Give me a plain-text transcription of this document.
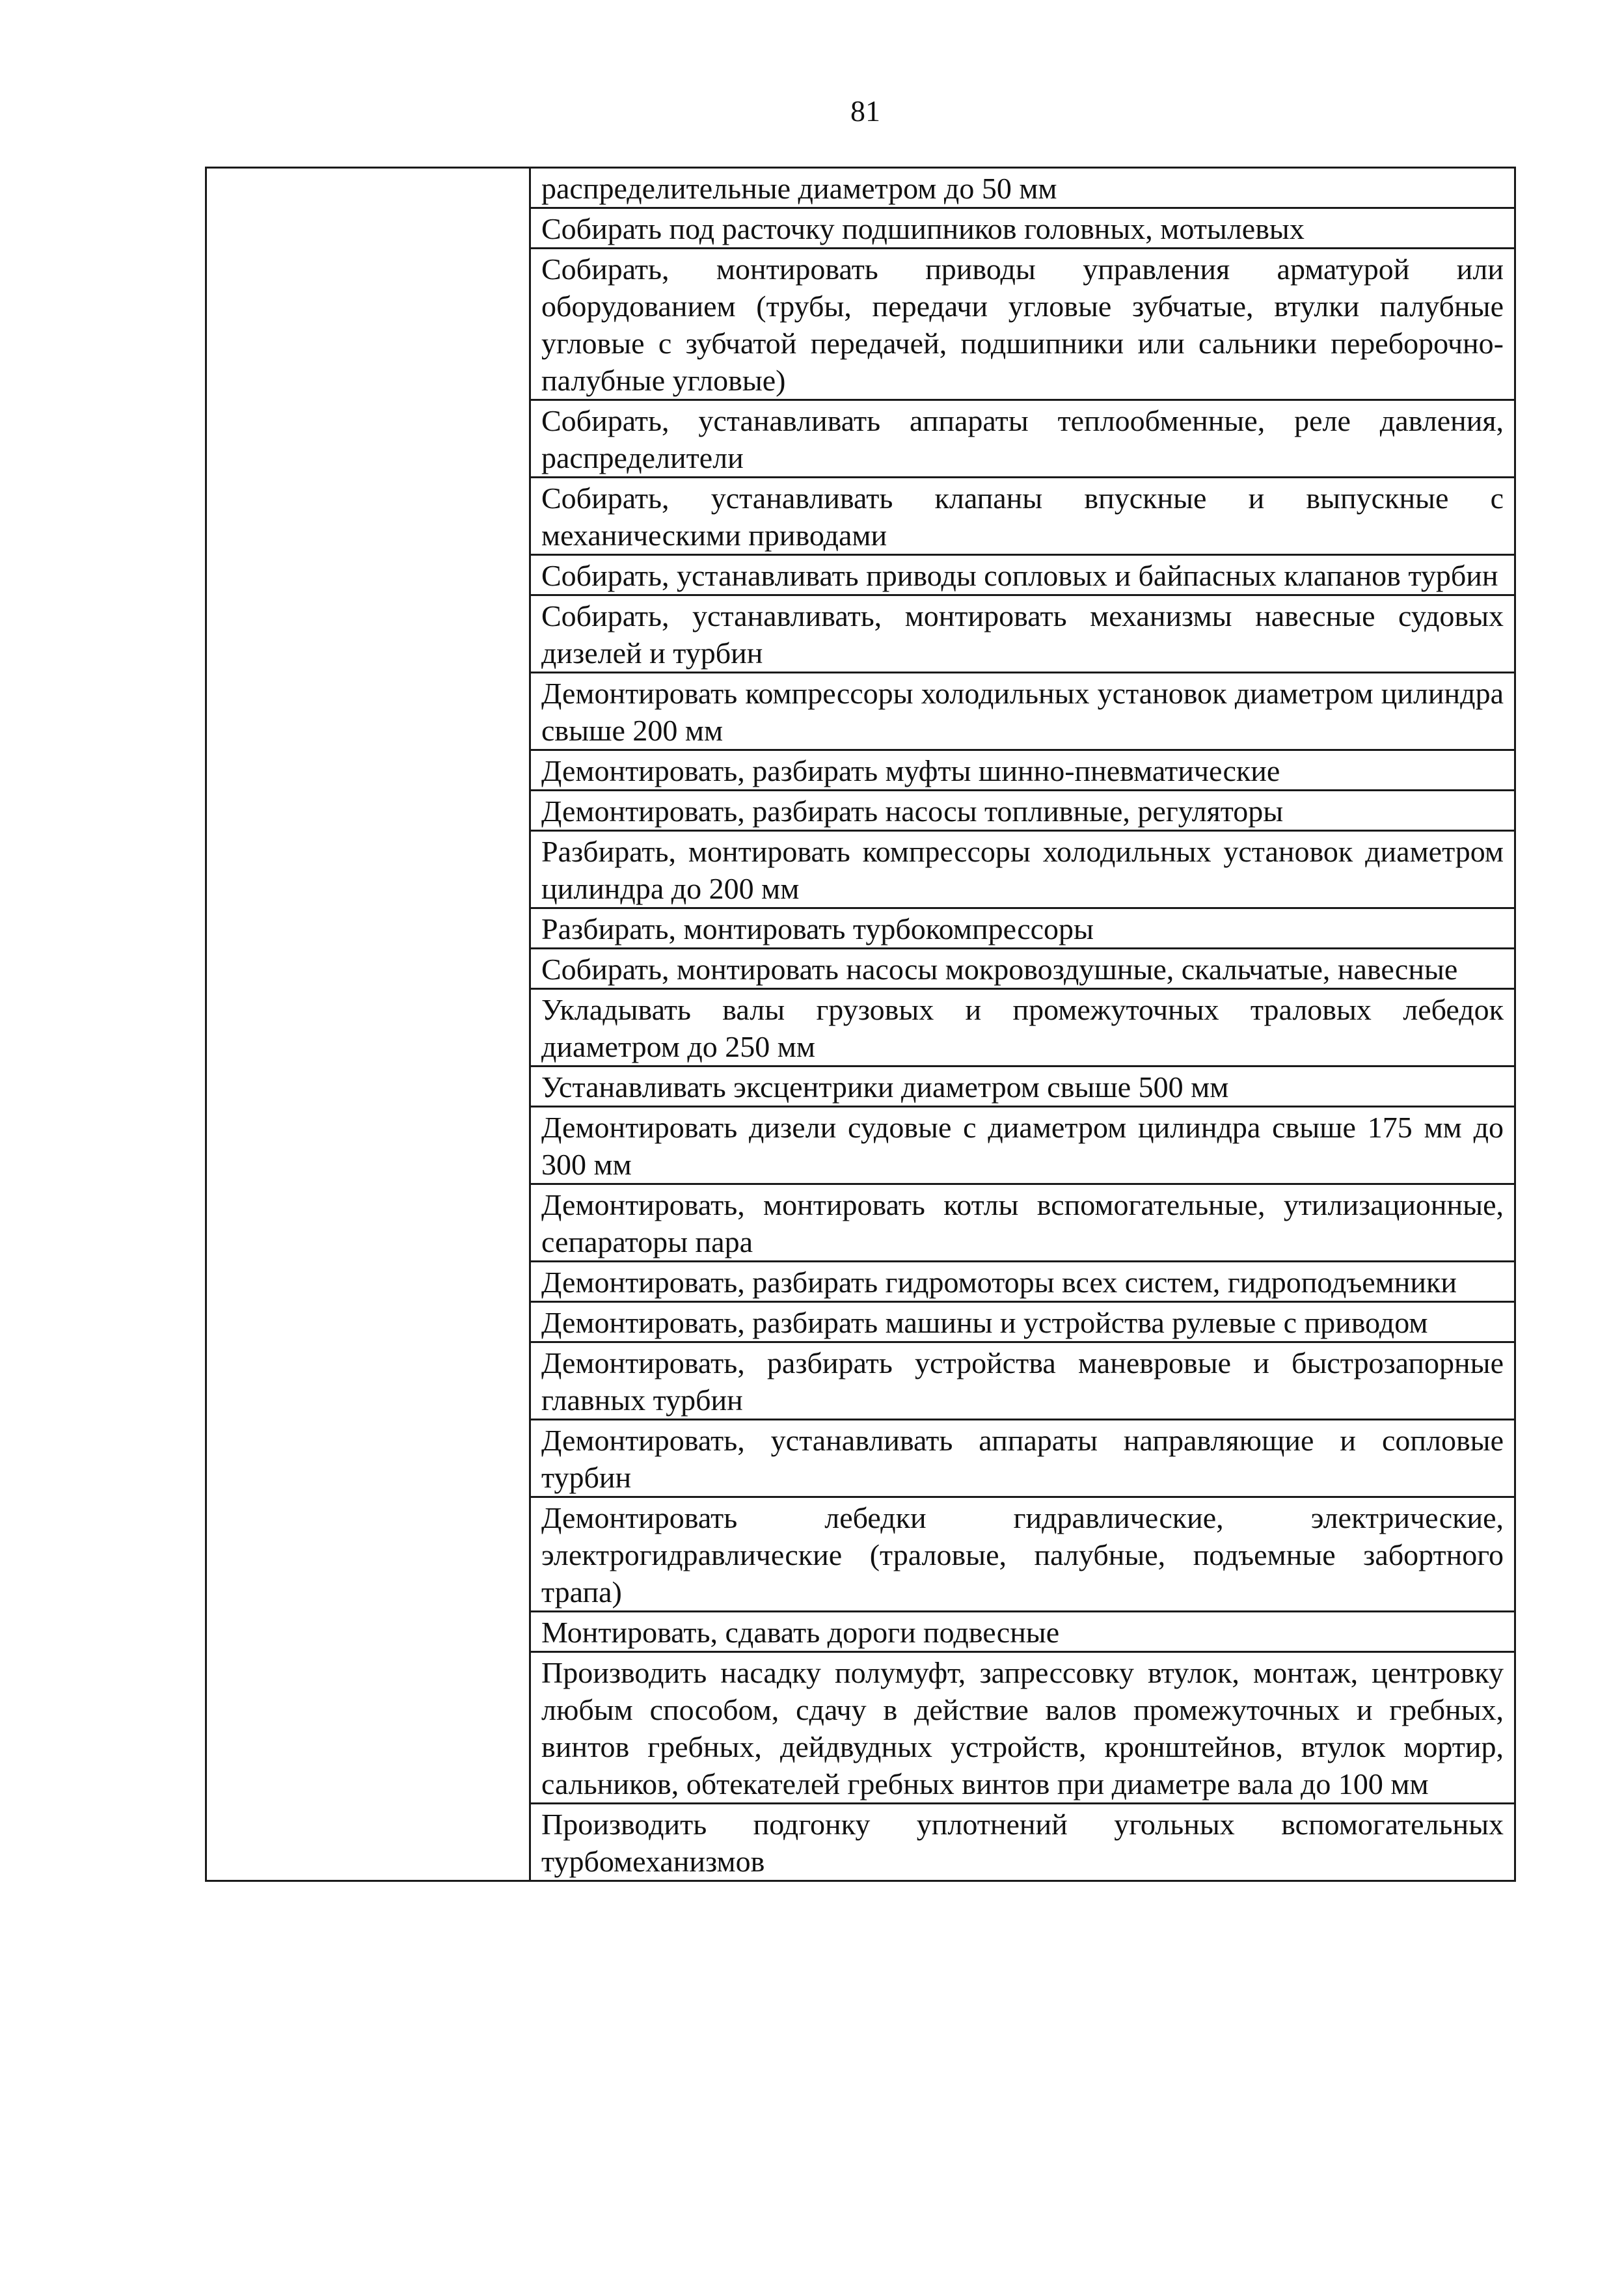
81

распределительные диаметром до 50 мм
Собирать под расточку подшипников головных, мотылевых
Собирать, монтировать приводы управления арматурой или оборудованием (трубы, передачи угловые зубчатые, втулки палубные угловые с зубчатой передачей, подшипники или сальники переборочно-палубные угловые)
Собирать, устанавливать аппараты теплообменные, реле давления, распределители
Собирать, устанавливать клапаны впускные и выпускные с механическими приводами
Собирать, устанавливать приводы сопловых и байпасных клапанов турбин
Собирать, устанавливать, монтировать механизмы навесные судовых дизелей и турбин
Демонтировать компрессоры холодильных установок диаметром цилиндра свыше 200 мм
Демонтировать, разбирать муфты шинно-пневматические
Демонтировать, разбирать насосы топливные, регуляторы
Разбирать, монтировать компрессоры холодильных установок диаметром цилиндра до 200 мм
Разбирать, монтировать турбокомпрессоры
Собирать, монтировать насосы мокровоздушные, скальчатые, навесные
Укладывать валы грузовых и промежуточных траловых лебедок диаметром до 250 мм
Устанавливать эксцентрики диаметром свыше 500 мм
Демонтировать дизели судовые с диаметром цилиндра свыше 175 мм до 300 мм
Демонтировать, монтировать котлы вспомогательные, утилизационные, сепараторы пара
Демонтировать, разбирать гидромоторы всех систем, гидроподъемники
Демонтировать, разбирать машины и устройства рулевые с приводом
Демонтировать, разбирать устройства маневровые и быстрозапорные главных турбин
Демонтировать, устанавливать аппараты направляющие и сопловые турбин
Демонтировать лебедки гидравлические, электрические, электрогидравлические (траловые, палубные, подъемные забортного трапа)
Монтировать, сдавать дороги подвесные
Производить насадку полумуфт, запрессовку втулок, монтаж, центровку любым способом, сдачу в действие валов промежуточных и гребных, винтов гребных, дейдвудных устройств, кронштейнов, втулок мортир, сальников, обтекателей гребных винтов при диаметре вала до 100 мм
Производить подгонку уплотнений угольных вспомогательных турбомеханизмов
